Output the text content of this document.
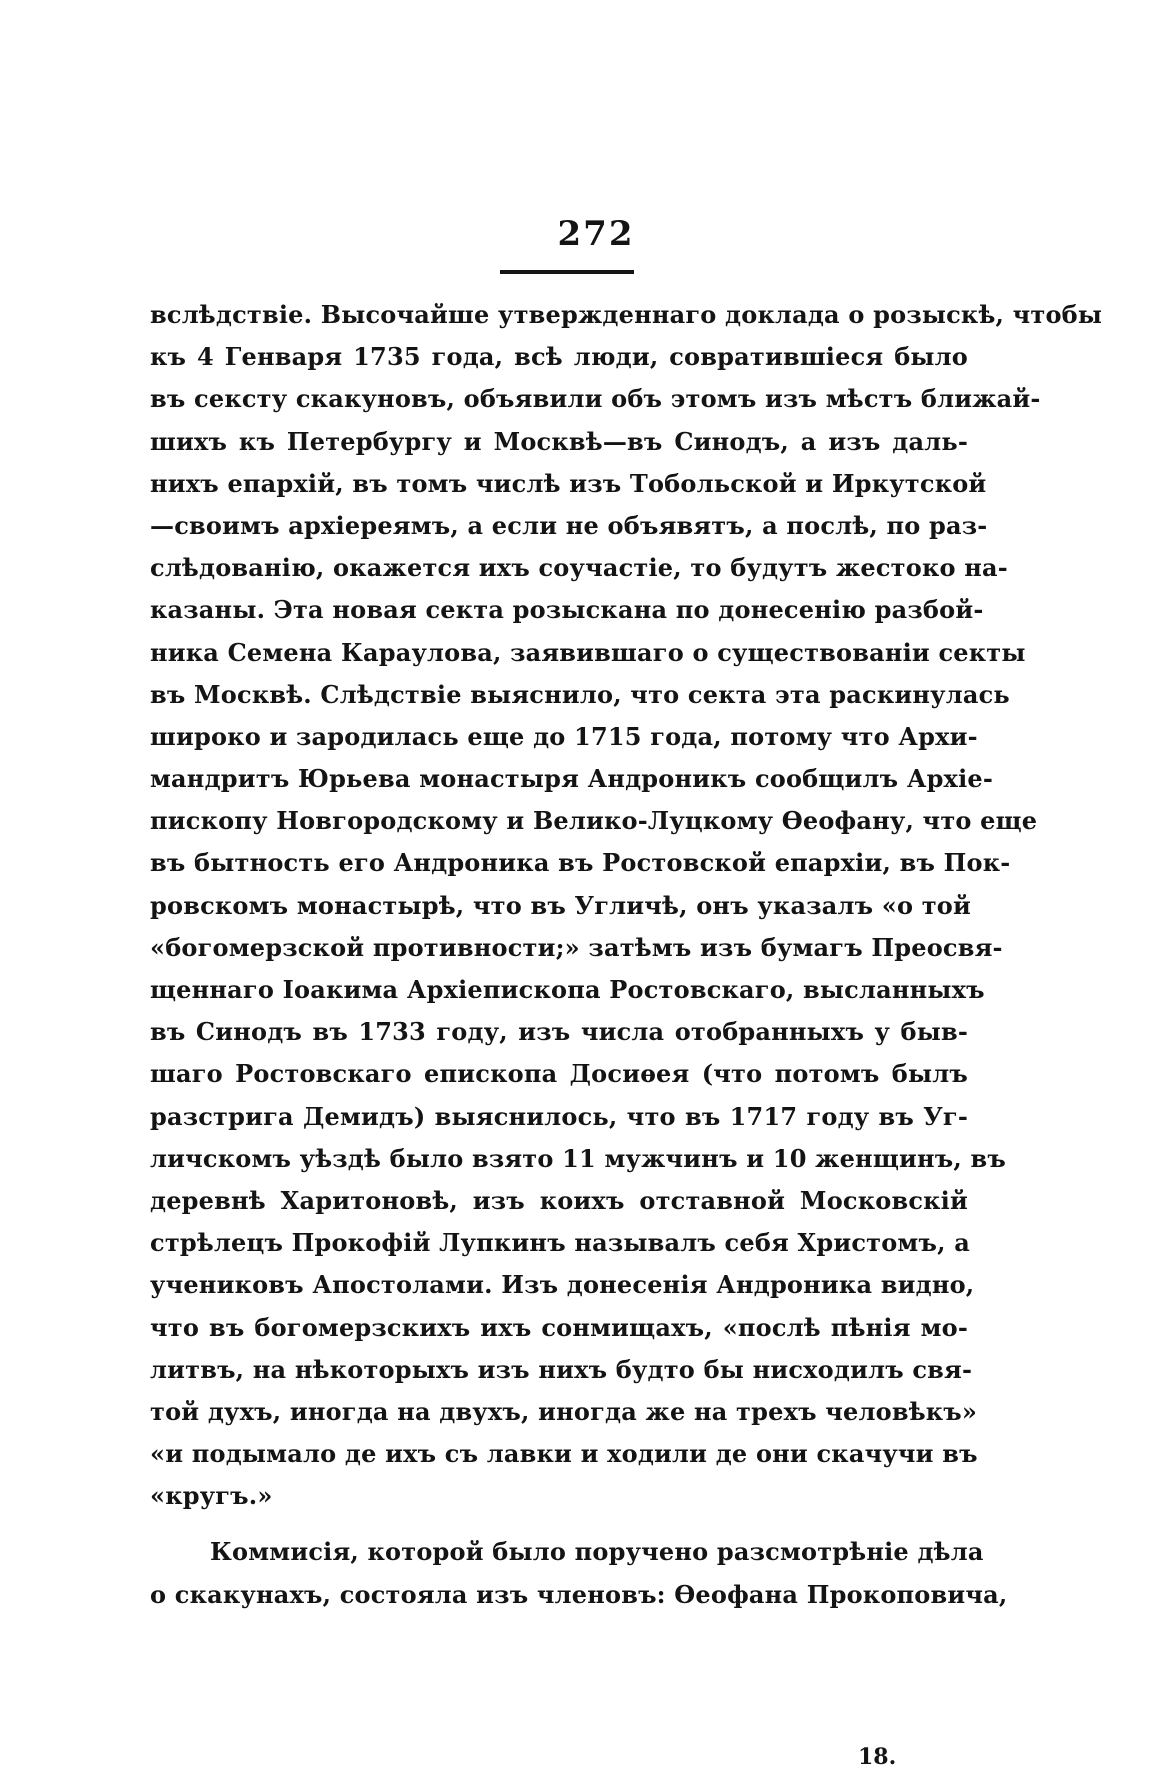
272
вслѣдствіе. Высочайше утвержденнаго доклада о розыскѣ, чтобы
къ 4 Генваря 1735 года, всѣ люди, совратившіеся было
въ сексту скакуновъ, объявили объ этомъ изъ мѣстъ ближай-
шихъ къ Петербургу и Москвѣ—въ Синодъ, а изъ даль-
нихъ епархій, въ томъ числѣ изъ Тобольской и Иркутской
—своимъ архіереямъ, а если не объявятъ, а послѣ, по раз-
слѣдованію, окажется ихъ соучастіе, то будутъ жестоко на-
казаны. Эта новая секта розыскана по донесенію разбой-
ника Семена Караулова, заявившаго о существованіи секты
въ Москвѣ. Слѣдствіе выяснило, что секта эта раскинулась
широко и зародилась еще до 1715 года, потому что Архи-
мандритъ Юрьева монастыря Андроникъ сообщилъ Архіе-
пископу Новгородскому и Велико-Луцкому Ѳеофану, что еще
въ бытность его Андроника въ Ростовской епархіи, въ Пок-
ровскомъ монастырѣ, что въ Угличѣ, онъ указалъ «о той
«богомерзской противности;» затѣмъ изъ бумагъ Преосвя-
щеннаго Іоакима Архіепископа Ростовскаго, высланныхъ
въ Синодъ въ 1733 году, изъ числа отобранныхъ у быв-
шаго Ростовскаго епископа Досиѳея (что потомъ былъ
разстрига Демидъ) выяснилось, что въ 1717 году въ Уг-
личскомъ уѣздѣ было взято 11 мужчинъ и 10 женщинъ, въ
деревнѣ Харитоновѣ, изъ коихъ отставной Московскій
стрѣлецъ Прокофій Лупкинъ называлъ себя Христомъ, а
учениковъ Апостолами. Изъ донесенія Андроника видно,
что въ богомерзскихъ ихъ сонмищахъ, «послѣ пѣнія мо-
литвъ, на нѣкоторыхъ изъ нихъ будто бы нисходилъ свя-
той духъ, иногда на двухъ, иногда же на трехъ человѣкъ»
«и подымало де ихъ съ лавки и ходили де они скачучи въ
«кругъ.»
Коммисія, которой было поручено разсмотрѣніе дѣла
о скакунахъ, состояла изъ членовъ: Ѳеофана Прокоповича,
18.
